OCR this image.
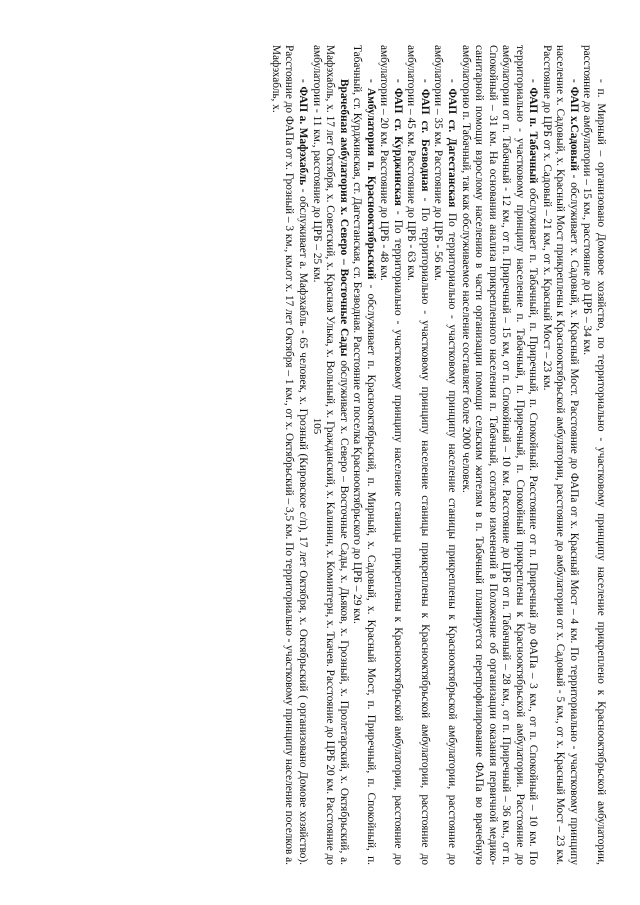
105	- п. Мирный – организовано Домовое хозяйство, по территориально - участковому принципу население прикреплено к Краснооктябрьской амбулатории, расстояние до амбулатории – 15 км., расстояние до ЦРБ – 34 км.

- ФАП х.Садовый - обслуживает х. Садовый, х. Красный Мост. Расстояние до ФАПа от х. Красный Мост – 4 км. По территориально - участковому принципу население х. Садовый, х. Красный Мост прикреплены к Краснооктябрьской амбулатории, расстояние до амбулатории от х. Садовый - 5 км., от х. Красный Мост – 23 км. Расстояние до ЦРБ от х. Садовый – 21 км., от х. Красный Мост – 23 км.

- ФАП п. Табачный обслуживает п. Табачный, п. Приречный, п. Спокойный. Расстояние от п. Приречный до ФАПа – 3 км., от п. Спокойный – 10 км. По территориально - участковому принципу население п. Табачный, п. Приречный, п. Спокойный прикреплены к Краснооктябрьской амбулатории. Расстояние до амбулатории от п. Табачный - 12 км., от п. Приречный – 15 км, от п. Спокойный – 10 км. Расстояние до ЦРБ от п. Табачный – 28 км., от п. Приречный – 36 км., от п. Спокойный – 31 км. На основании анализа прикрепленного населения п. Табачный, согласно изменений в Положение об организации оказания первичной медико-санитарной помощи взрослому населению в части организации помощи сельским жителям в п. Табачный планируется перепрофилирование ФАПа во врачебную амбулаторию п. Табачный, так как обслуживаемое население составляет более 2000 человек.

- ФАП ст. Дагестанская По территориально - участковому принципу население станицы прикреплены к Краснооктябрьской амбулатории, расстояние до амбулатории – 35 км. Расстояние до ЦРБ - 56 км.

- ФАП ст. Безводная - По территориально - участковому принципу население станицы прикреплены к Краснооктябрьской амбулатории, расстояние до амбулатории – 45 км. Расстояние до ЦРБ - 63 км.

- ФАП ст. Курджинская - По территориально - участковому принципу население станицы прикреплены к Краснооктябрьской амбулатории, расстояние до амбулатории – 20 км. Расстояние до ЦРБ - 48 км.

- Амбулатория п. Краснооктябрьский - обслуживает п. Краснооктябрьский, п. Мирный, х. Садовый, х. Красный Мост, п. Приречный, п. Спокойный, п. Табачный, ст. Курджинская, ст. Дагестанская, ст. Безводная. Расстояние от поселка Краснооктябрьского до ЦРБ – 29 км.

Врачебная амбулатория х. Северо – Восточные Сады обслуживает х. Северо – Восточные Сады, х. Дьяков, х. Грозный, х. Пролетарский, х. Октябрьский, а. Мафэхабль, х. 17 лет Октября, х. Советский, х. Красная Улька, х. Вольный, х. Гражданский, х. Калинин, х. Коминтерн, х. Ткачев. Расстояние до ЦРБ 20 км. Расстояние до амбулатории - 11 км., расстояние до ЦРБ – 25 км.

- ФАП а. Мафэхабль - обслуживает а. Мафэхабль - 65 человек, х. Грозный (Кировское с/п), 17 лет Октября, х. Октябрьский ( организовано Домове хозяйство). Расстояние до ФАПа от х. Грозный – 3 км., км.от х. 17 лет Октября – 1 км., от х. Октябрьский – 3,5 км. По территориально - участковому принципу население поселков а. Мафэхабль, х.
